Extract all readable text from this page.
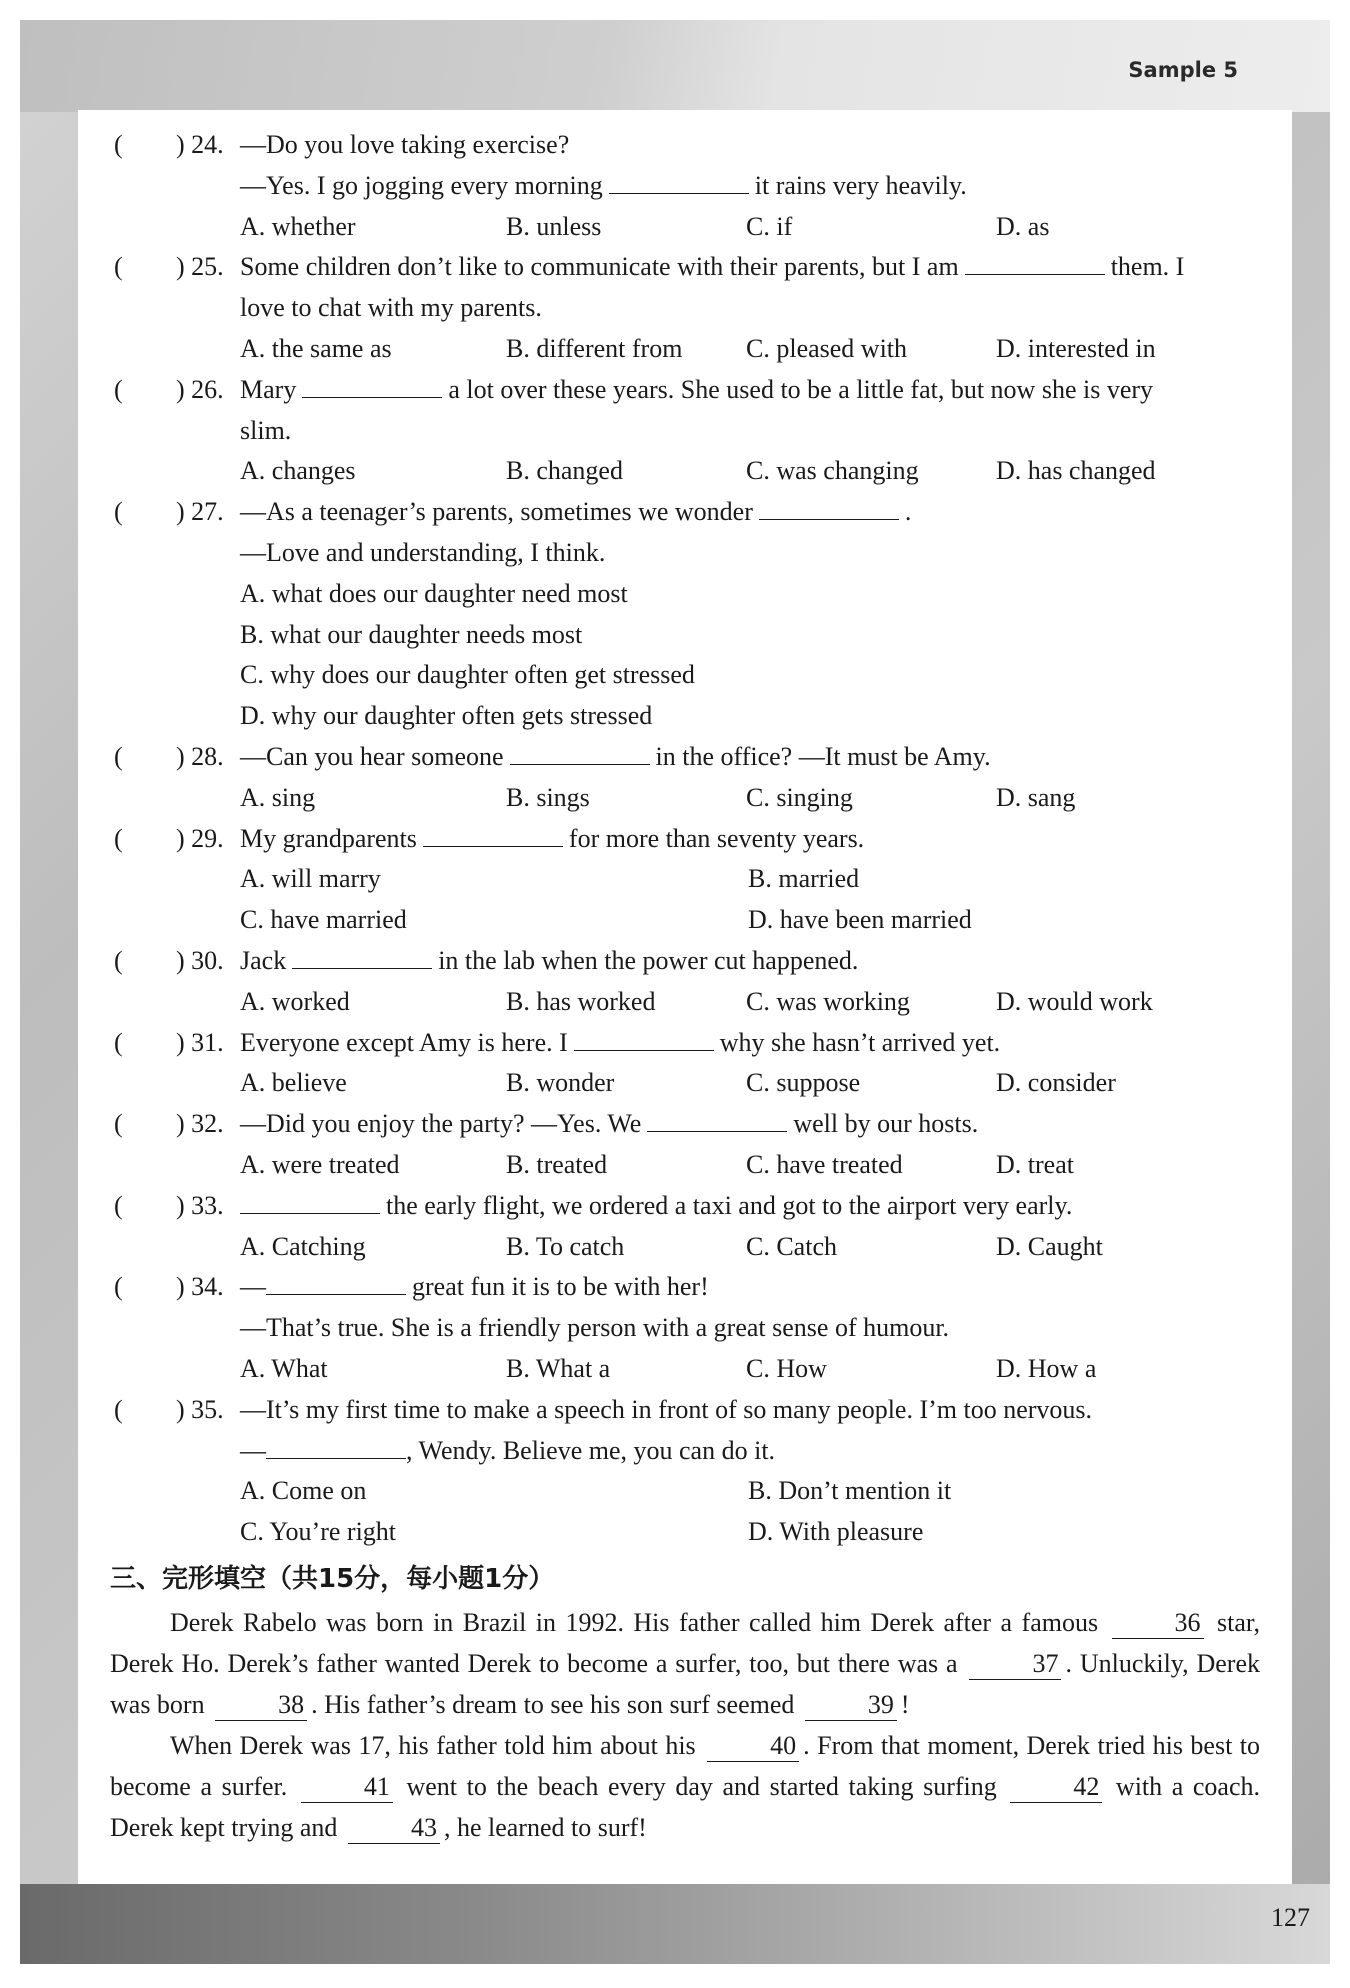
Sample 5
127
( ) 24. —Do you love taking exercise?
—Yes. I go jogging every morning	it rains very heavily.
A. whether	B. unless	C. if	D. as
( ) 25. Some children don’t like to communicate with their parents, but I am	them. I
love to chat with my parents.
A. the same as	B. different from	C. pleased with	D. interested in
( ) 26. Mary	a lot over these years. She used to be a little fat, but now she is very
slim.
A. changes	B. changed	C. was changing	D. has changed
( ) 27. —As a teenager’s parents, sometimes we wonder	.
—Love and understanding, I think.
A. what does our daughter need most
B. what our daughter needs most
C. why does our daughter often get stressed
D. why our daughter often gets stressed
( ) 28. —Can you hear someone	in the office? —It must be Amy.
A. sing	B. sings	C. singing	D. sang
( ) 29. My grandparents	for more than seventy years.
A. will marry	B. married
C. have married	D. have been married
( ) 30. Jack	in the lab when the power cut happened.
A. worked	B. has worked	C. was working	D. would work
( ) 31. Everyone except Amy is here. I	why she hasn’t arrived yet.
A. believe	B. wonder	C. suppose	D. consider
( ) 32. —Did you enjoy the party? —Yes. We	well by our hosts.
A. were treated	B. treated	C. have treated	D. treat
( ) 33.	the early flight, we ordered a taxi and got to the airport very early.
A. Catching	B. To catch	C. Catch	D. Caught
( ) 34. —	great fun it is to be with her!
—That’s true. She is a friendly person with a great sense of humour.
A. What	B. What a	C. How	D. How a
( ) 35. —It’s my first time to make a speech in front of so many people. I’m too nervous.
—	, Wendy. Believe me, you can do it.
A. Come on	B. Don’t mention it
C. You’re right	D. With pleasure
三、完形填空（共15分，每小题1分）
Derek Rabelo was born in Brazil in 1992. His father called him Derek after a famous	36 star, Derek Ho. Derek’s father wanted Derek to become a surfer, too, but there was a	37 . Unluckily, Derek was born	38 . His father’s dream to see his son surf seemed	39 !
When Derek was 17, his father told him about his	40 . From that moment, Derek tried his best to become a surfer.	41 went to the beach every day and started taking surfing	42 with a coach. Derek kept trying and	43 , he learned to surf!
